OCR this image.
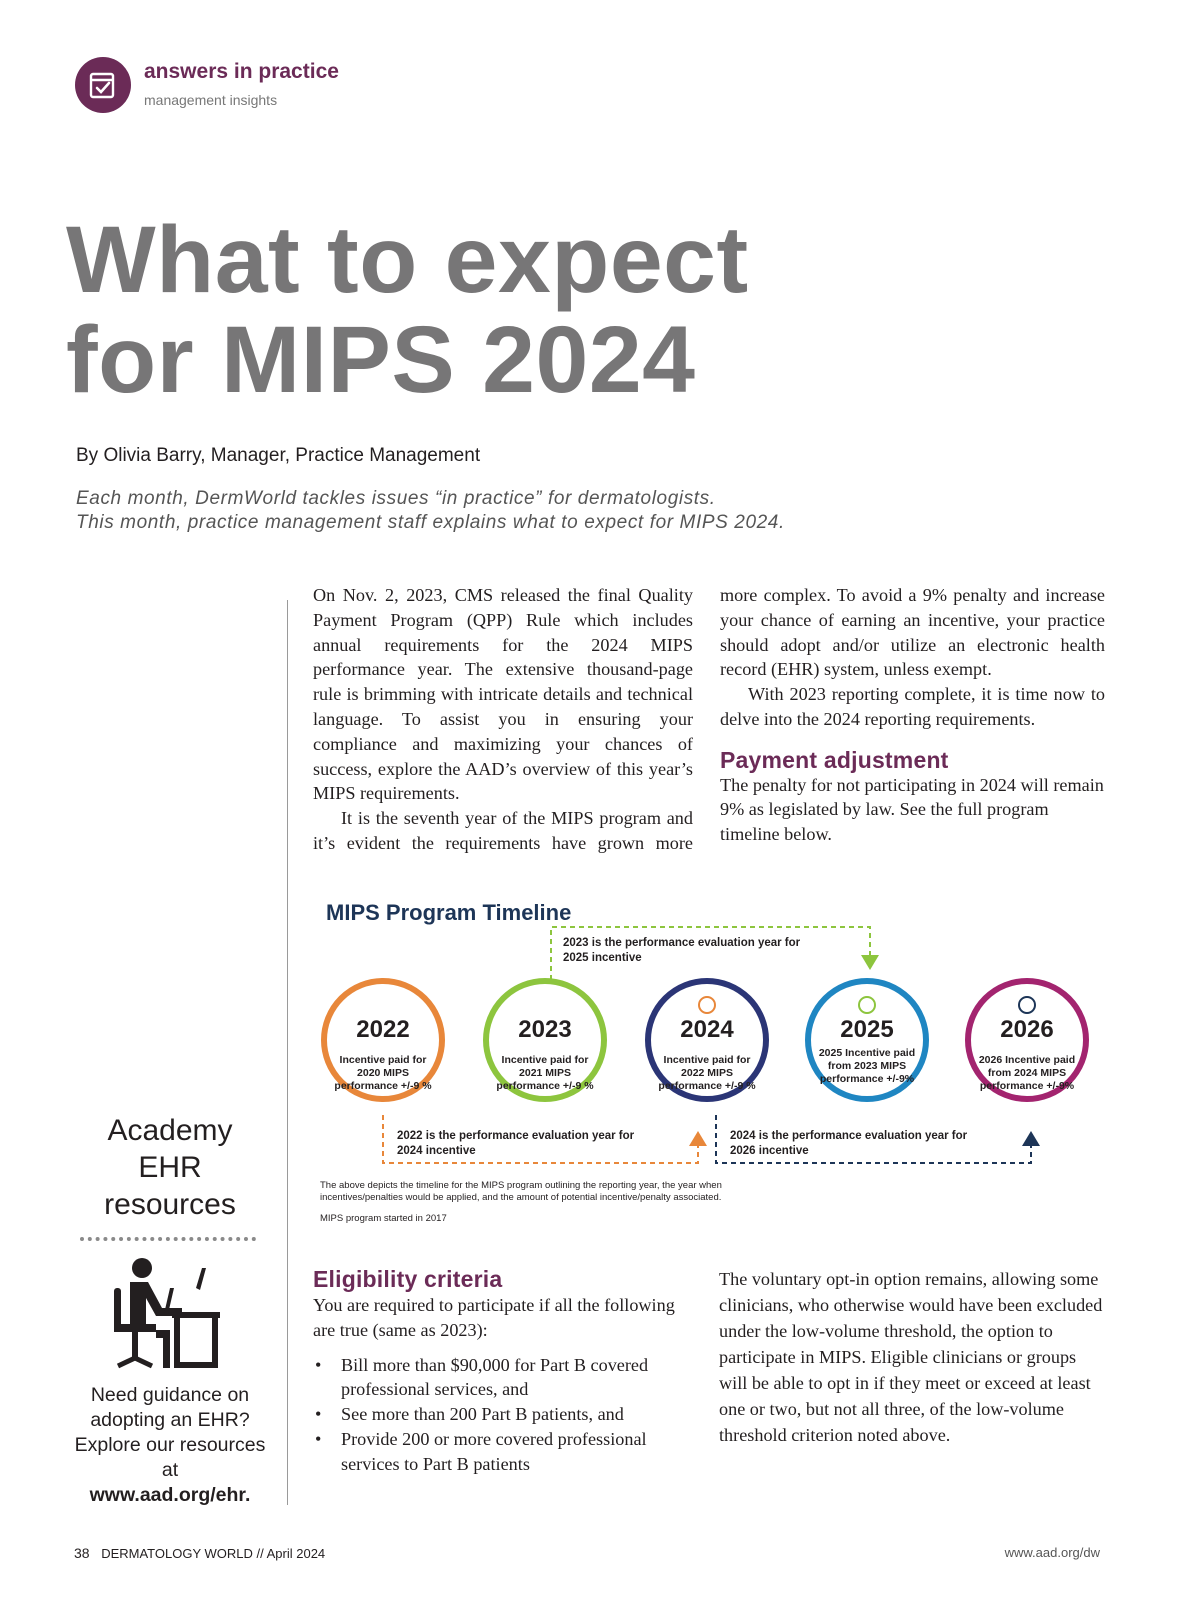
answers in practice
management insights
What to expect
for MIPS 2024
By Olivia Barry, Manager, Practice Management
Each month, DermWorld tackles issues “in practice” for dermatologists.
This month, practice management staff explains what to expect for MIPS 2024.

On Nov. 2, 2023, CMS released the final Quality Payment Program (QPP) Rule which includes annual requirements for the 2024 MIPS performance year. The extensive thousand-page rule is brimming with intricate details and technical language. To assist you in ensuring your compliance and maximizing your chances of success, explore the AAD’s overview of this year’s MIPS requirements.

It is the seventh year of the MIPS program and it’s evident the requirements have grown more

more complex. To avoid a 9% penalty and increase your chance of earning an incentive, your practice should adopt and/or utilize an electronic health record (EHR) system, unless exempt.

With 2023 reporting complete, it is time now to delve into the 2024 reporting requirements.

Payment adjustment

The penalty for not participating in 2024 will remain 9% as legislated by law. See the full program timeline below.

MIPS Program Timeline
2023 is the performance evaluation year for 2025 incentive
2022 is the performance evaluation year for 2024 incentive
2024 is the performance evaluation year for 2026 incentive
2022
Incentive paid for 2020 MIPS performance +/-9 %
2023
Incentive paid for 2021 MIPS performance +/-9 %
2024
Incentive paid for 2022 MIPS performance +/-9 %
2025
2025 Incentive paid from 2023 MIPS performance +/-9%
2026
2026 Incentive paid from 2024 MIPS performance +/-9%
The above depicts the timeline for the MIPS program outlining the reporting year, the year when incentives/penalties would be applied, and the amount of potential incentive/penalty associated.
MIPS program started in 2017
Eligibility criteria

You are required to participate if all the following are true (same as 2023):

• Bill more than $90,000 for Part B covered professional services, and
• See more than 200 Part B patients, and
• Provide 200 or more covered professional services to Part B patients
The voluntary opt-in option remains, allowing some clinicians, who otherwise would have been excluded under the low-volume threshold, the option to participate in MIPS. Eligible clinicians or groups will be able to opt in if they meet or exceed at least one or two, but not all three, of the low-volume threshold criterion noted above.
Academy
EHR
resources
Need guidance on adopting an EHR? Explore our resources at
www.aad.org/ehr.
38 DERMATOLOGY WORLD // April 2024	www.aad.org/dw
